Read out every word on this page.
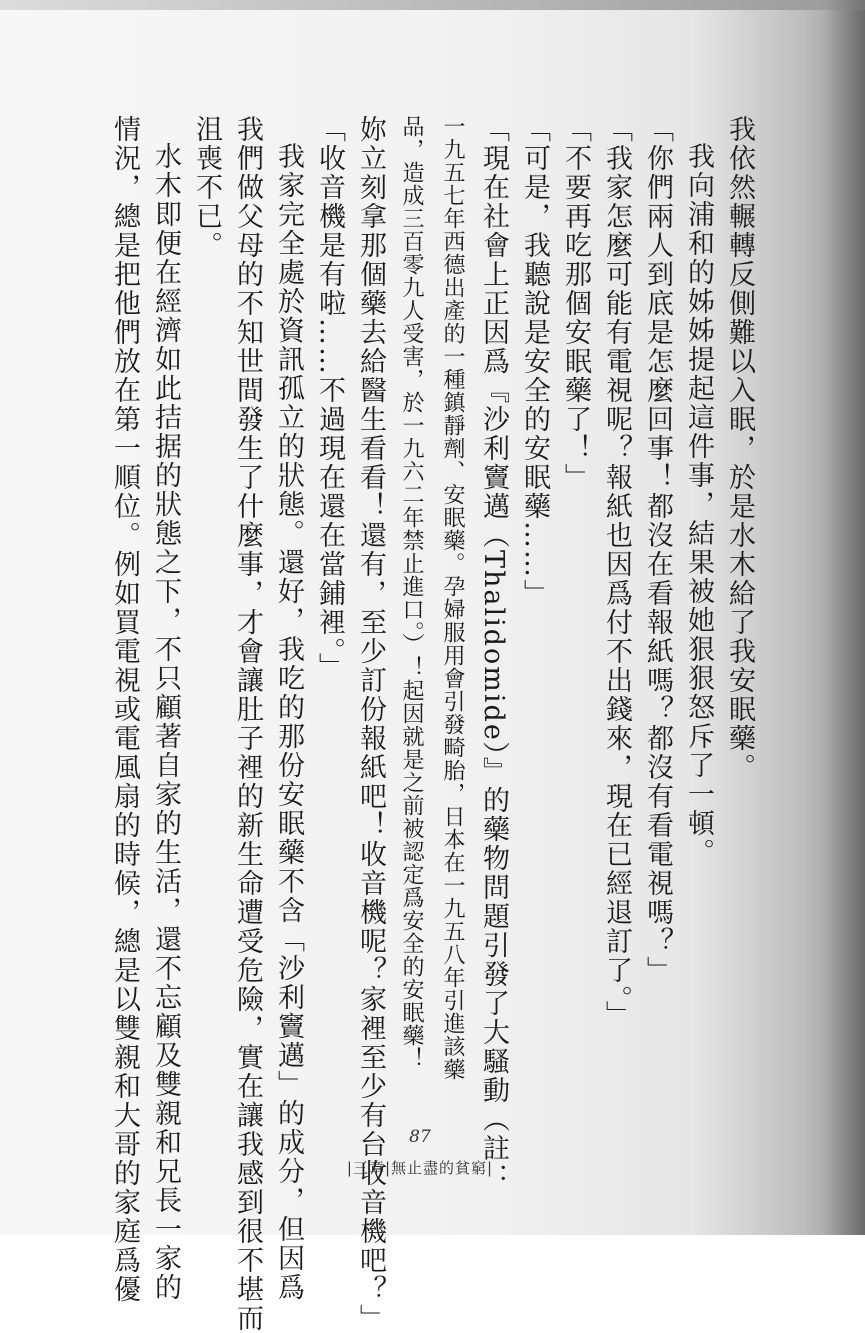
我依然輾轉反側難以入眠，於是水木給了我安眠藥。

我向浦和的姊姊提起這件事，結果被她狠狠怒斥了一頓。

「你們兩人到底是怎麼回事！都沒在看報紙嗎？都沒有看電視嗎？」

「我家怎麼可能有電視呢？報紙也因爲付不出錢來，現在已經退訂了。」

「不要再吃那個安眠藥了！」

「可是，我聽說是安全的安眠藥……」

「現在社會上正因爲『沙利竇邁（Thalidomide）』的藥物問題引發了大騷動（註：

一九五七年西德出產的一種鎮靜劑、安眠藥。孕婦服用會引發畸胎，日本在一九五八年引進該藥

品，造成三百零九人受害，於一九六二年禁止進口。）！起因就是之前被認定爲安全的安眠藥！

妳立刻拿那個藥去給醫生看看！還有，至少訂份報紙吧！收音機呢？家裡至少有台收音機吧？」

「收音機是有啦……不過現在還在當鋪裡。」

我家完全處於資訊孤立的狀態。還好，我吃的那份安眠藥不含「沙利竇邁」的成分，但因爲

我們做父母的不知世間發生了什麼事，才會讓肚子裡的新生命遭受危險，實在讓我感到很不堪而

沮喪不已。

水木即便在經濟如此拮据的狀態之下，不只顧著自家的生活，還不忘顧及雙親和兄長一家的

情況，總是把他們放在第一順位。例如買電視或電風扇的時候，總是以雙親和大哥的家庭爲優	87
|三章|無止盡的貧窮|
